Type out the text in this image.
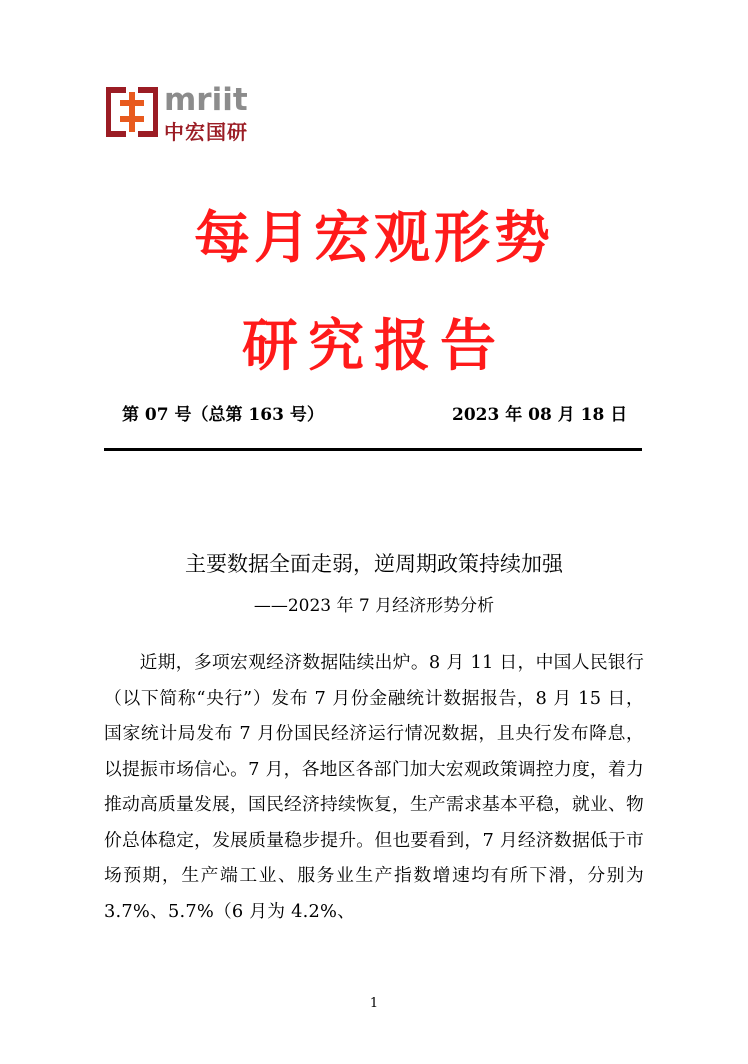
mriit
中宏国研
每月宏观形势
研究报告
第 07 号（总第 163 号）	2023 年 08 月 18 日
主要数据全面走弱，逆周期政策持续加强
——2023 年 7 月经济形势分析

近期，多项宏观经济数据陆续出炉。8 月 11 日，中国人民银行（以下简称“央行”）发布 7 月份金融统计数据报告，8 月 15 日，国家统计局发布 7 月份国民经济运行情况数据，且央行发布降息，以提振市场信心。7 月，各地区各部门加大宏观政策调控力度，着力推动高质量发展，国民经济持续恢复，生产需求基本平稳，就业、物价总体稳定，发展质量稳步提升。但也要看到，7 月经济数据低于市场预期，生产端工业、服务业生产指数增速均有所下滑，分别为 3.7%、5.7%（6 月为 4.2%、

1
